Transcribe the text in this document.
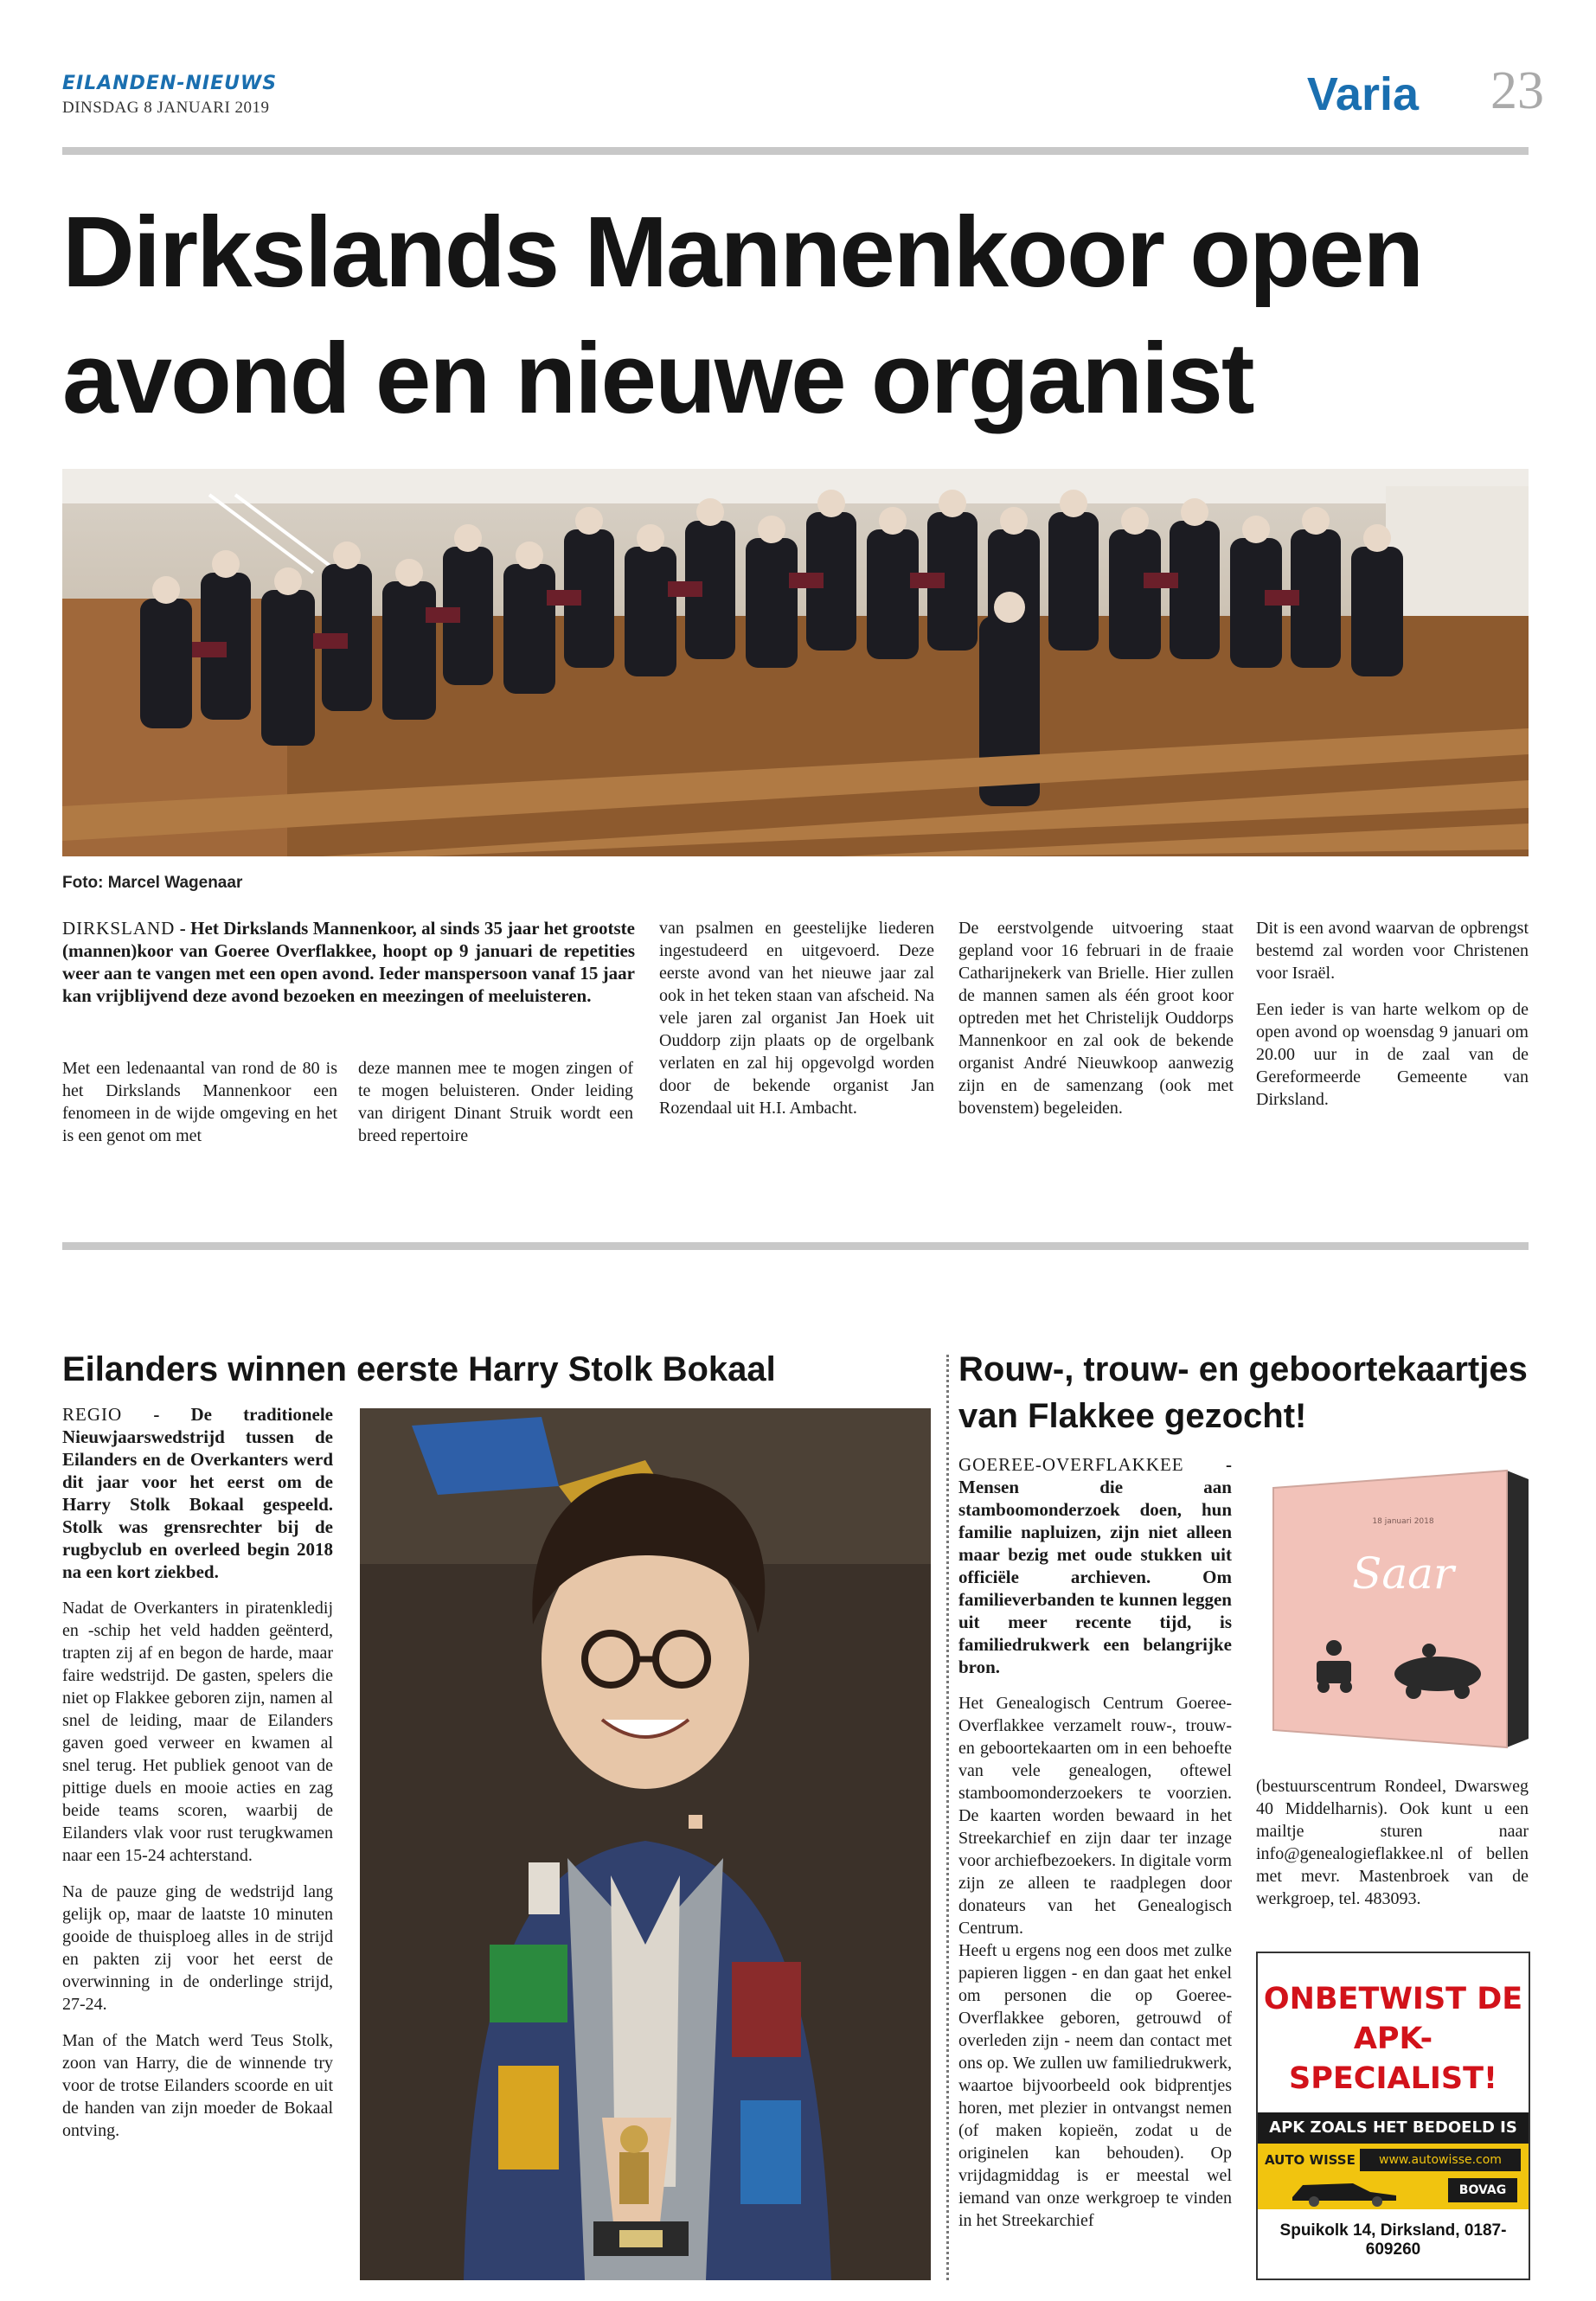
EILANDEN-NIEUWS
DINSDAG 8 JANUARI 2019	Varia 23
Dirkslands Mannenkoor open
avond en nieuwe organist
Foto: Marcel Wagenaar

DIRKSLAND - Het Dirkslands Mannenkoor, al sinds 35 jaar het grootste (mannen)koor van Goeree Overflakkee, hoopt op 9 januari de repetities weer aan te vangen met een open avond. Ieder manspersoon vanaf 15 jaar kan vrijblijvend deze avond bezoeken en meezingen of meeluisteren.

Met een ledenaantal van rond de 80 is het Dirkslands Mannenkoor een fenomeen in de wijde omgeving en het is een genot om met

deze mannen mee te mogen zingen of te mogen beluisteren. Onder leiding van dirigent Dinant Struik wordt een breed repertoire

van psalmen en geestelijke liederen ingestudeerd en uitgevoerd. Deze eerste avond van het nieuwe jaar zal ook in het teken staan van afscheid. Na vele jaren zal organist Jan Hoek uit Ouddorp zijn plaats op de orgelbank verlaten en zal hij opgevolgd worden door de bekende organist Jan Rozendaal uit H.I. Ambacht.

De eerstvolgende uitvoering staat gepland voor 16 februari in de fraaie Catharijnekerk van Brielle. Hier zullen de mannen samen als één groot koor optreden met het Christelijk Ouddorps Mannenkoor en zal ook de bekende organist André Nieuwkoop aanwezig zijn en de samenzang (ook met bovenstem) begeleiden.

Dit is een avond waarvan de opbrengst bestemd zal worden voor Christenen voor Israël.

Een ieder is van harte welkom op de open avond op woensdag 9 januari om 20.00 uur in de zaal van de Gereformeerde Gemeente van Dirksland.

Eilanders winnen eerste Harry Stolk Bokaal

REGIO - De traditionele Nieuwjaarswedstrijd tussen de Eilanders en de Overkanters werd dit jaar voor het eerst om de Harry Stolk Bokaal gespeeld. Stolk was grensrechter bij de rugbyclub en overleed begin 2018 na een kort ziekbed.

Nadat de Overkanters in piratenkledij en -schip het veld hadden geënterd, trapten zij af en begon de harde, maar faire wedstrijd. De gasten, spelers die niet op Flakkee geboren zijn, namen al snel de leiding, maar de Eilanders gaven goed verweer en kwamen al snel terug. Het publiek genoot van de pittige duels en mooie acties en zag beide teams scoren, waarbij de Eilanders vlak voor rust terugkwamen naar een 15-24 achterstand.

Na de pauze ging de wedstrijd lang gelijk op, maar de laatste 10 minuten gooide de thuisploeg alles in de strijd en pakten zij voor het eerst de overwinning in de onderlinge strijd, 27-24.

Man of the Match werd Teus Stolk, zoon van Harry, die de winnende try voor de trotse Eilanders scoorde en uit de handen van zijn moeder de Bokaal ontving.

Rouw-, trouw- en geboortekaartjes
van Flakkee gezocht!

GOEREE-OVERFLAKKEE - Mensen die aan stamboomonderzoek doen, hun familie napluizen, zijn niet alleen maar bezig met oude stukken uit officiële archieven. Om familieverbanden te kunnen leggen uit meer recente tijd, is familiedrukwerk een belangrijke bron.

Het Genealogisch Centrum Goeree-Overflakkee verzamelt rouw-, trouw- en geboortekaarten om in een behoefte van vele genealogen, oftewel stamboomonderzoekers te voorzien. De kaarten worden bewaard in het Streekarchief en zijn daar ter inzage voor archiefbezoekers. In digitale vorm zijn ze alleen te raadplegen door donateurs van het Genealogisch Centrum.

Heeft u ergens nog een doos met zulke papieren liggen - en dan gaat het enkel om personen die op Goeree-Overflakkee geboren, getrouwd of overleden zijn - neem dan contact met ons op. We zullen uw familiedrukwerk, waartoe bijvoorbeeld ook bidprentjes horen, met plezier in ontvangst nemen (of maken kopieën, zodat u de originelen kan behouden). Op vrijdagmiddag is er meestal wel iemand van onze werkgroep te vinden in het Streekarchief

Saar
18 januari 2018

(bestuurscentrum Rondeel, Dwarsweg 40 Middelharnis). Ook kunt u een mailtje sturen naar info@genealogieflakkee.nl of bellen met mevr. Mastenbroek van de werkgroep, tel. 483093.

ONBETWIST DE
APK-SPECIALIST!
APK ZOALS HET BEDOELD IS
AUTO WISSE	www.autowisse.com
BOVAG
Spuikolk 14, Dirksland, 0187-609260
